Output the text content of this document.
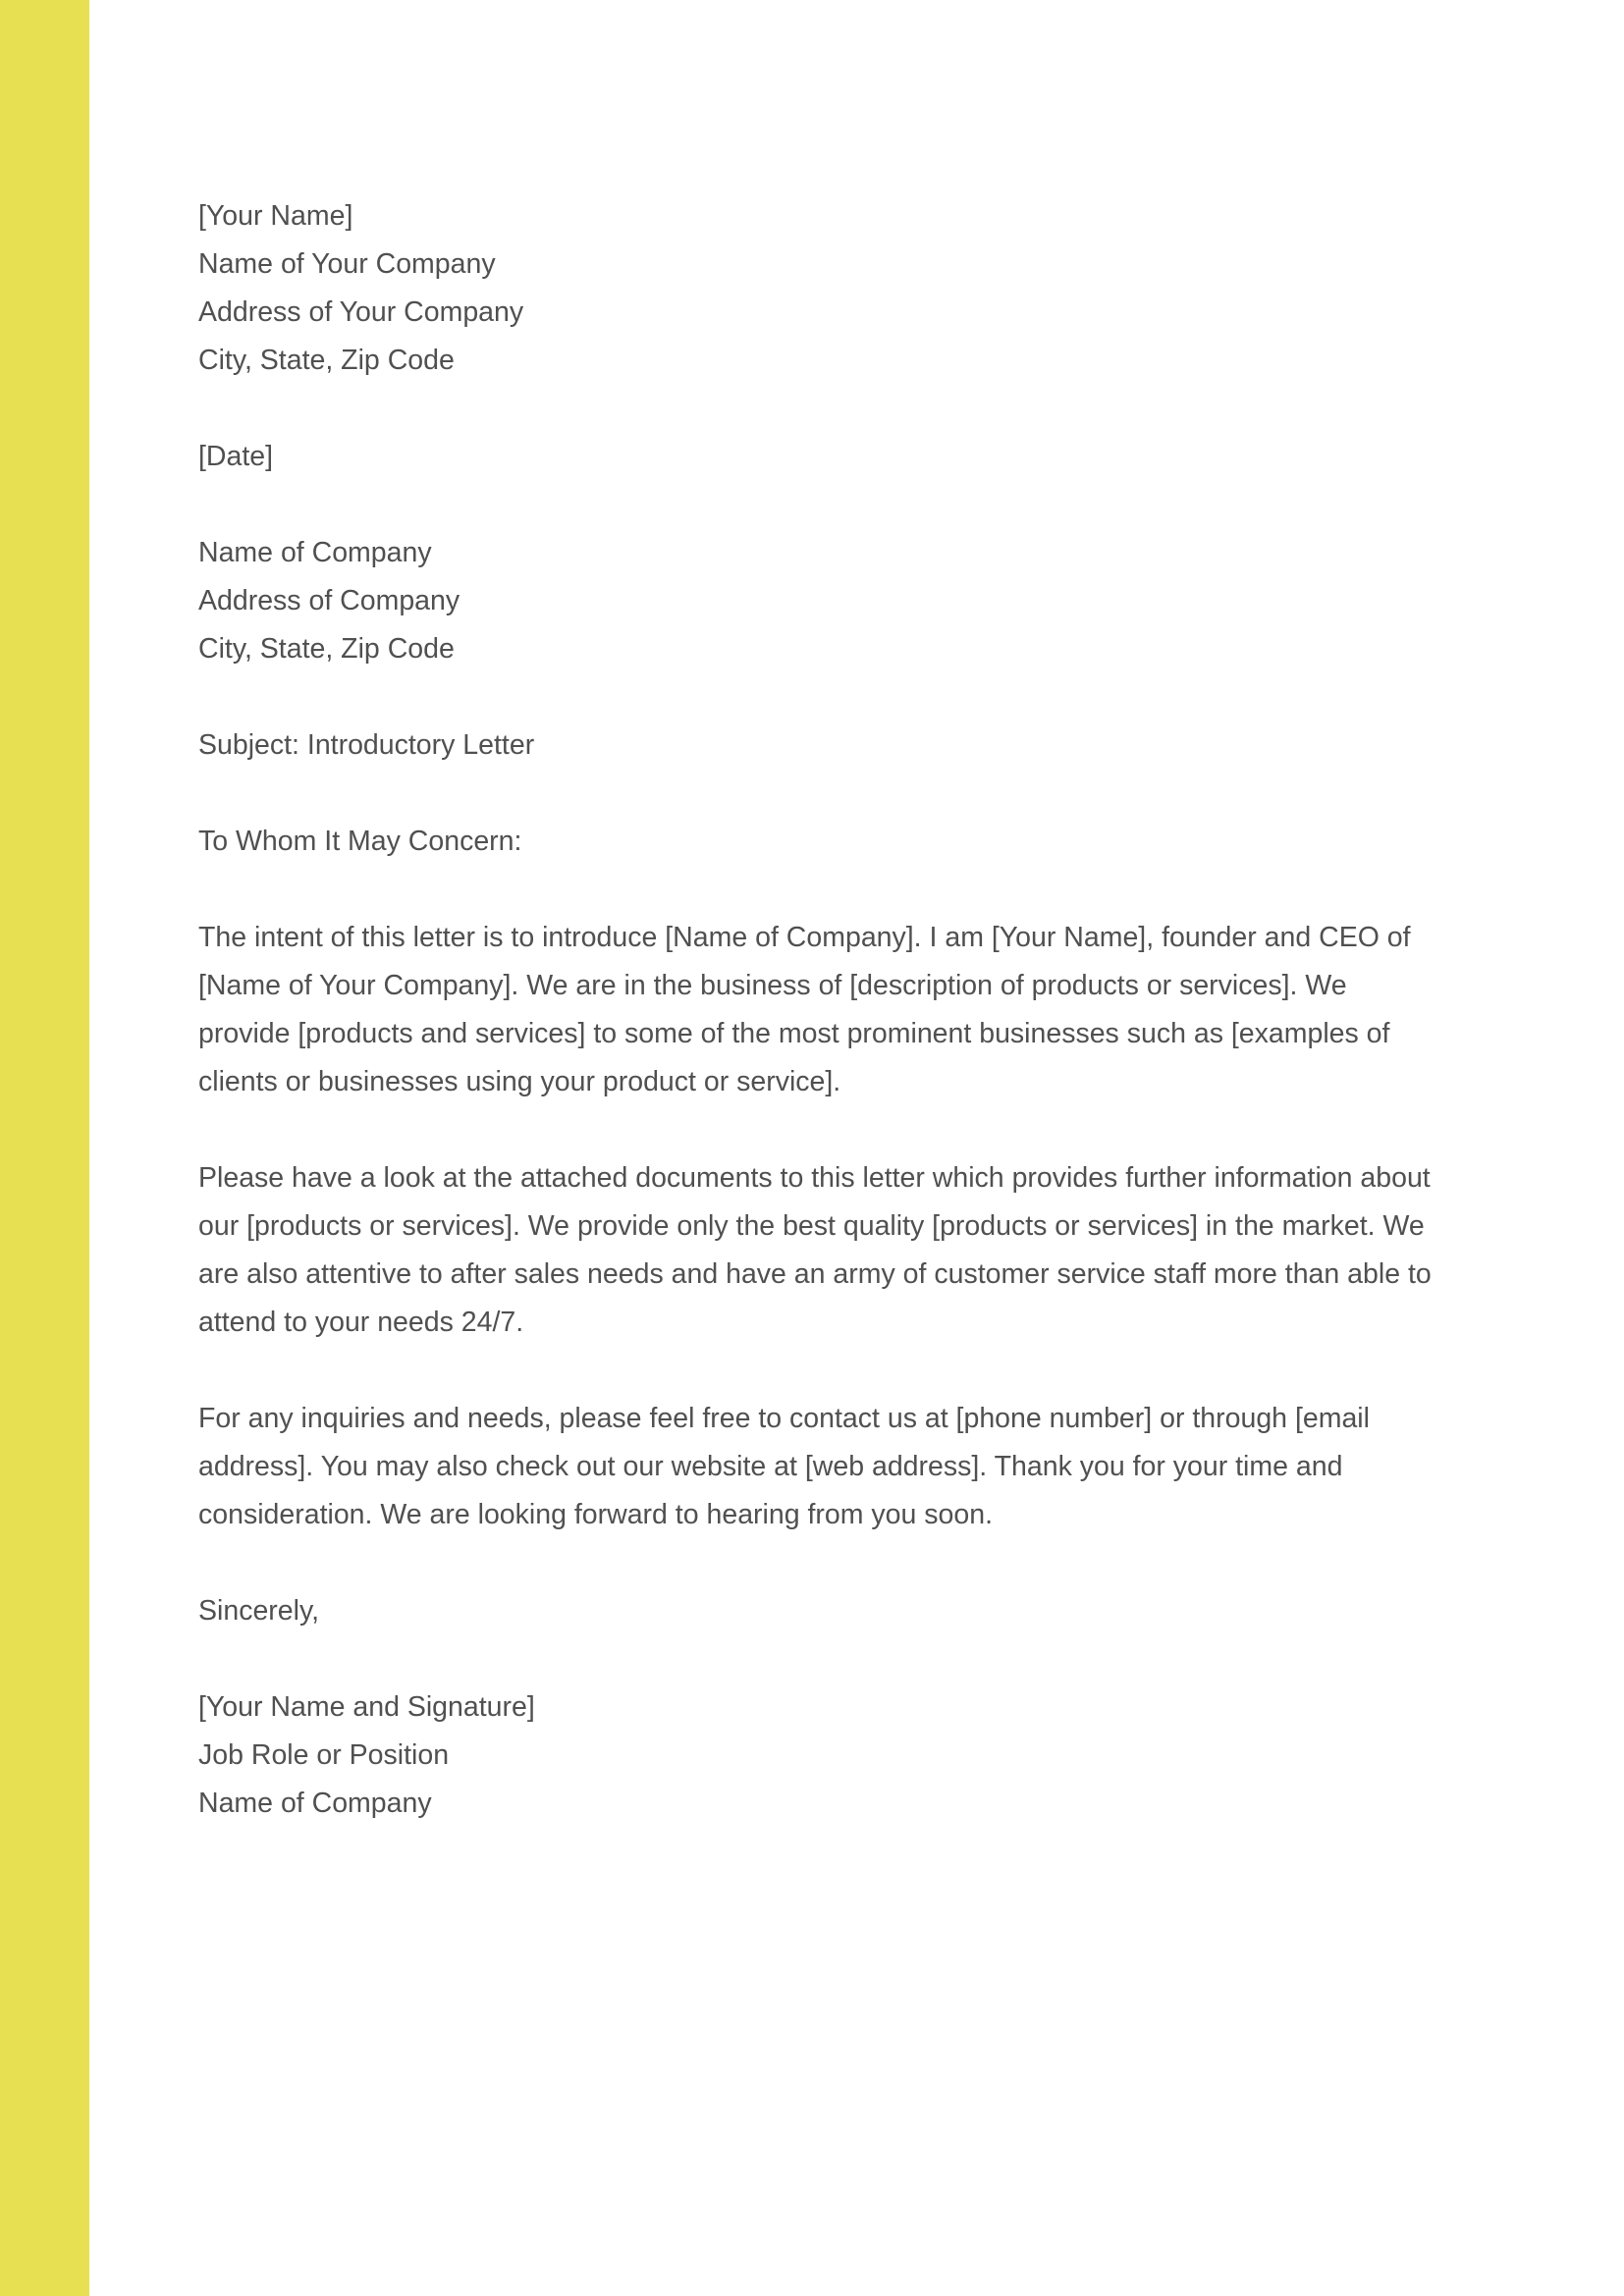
[Your Name]

Name of Your Company

Address of Your Company

City, State, Zip Code

[Date]

Name of Company

Address of Company

City, State, Zip Code

Subject: Introductory Letter

To Whom It May Concern:

The intent of this letter is to introduce [Name of Company]. I am [Your Name], founder and CEO of

[Name of Your Company]. We are in the business of [description of products or services]. We

provide [products and services] to some of the most prominent businesses such as [examples of

clients or businesses using your product or service].

Please have a look at the attached documents to this letter which provides further information about

our [products or services]. We provide only the best quality [products or services] in the market. We

are also attentive to after sales needs and have an army of customer service staff more than able to

attend to your needs 24/7.

For any inquiries and needs, please feel free to contact us at [phone number] or through [email

address]. You may also check out our website at [web address]. Thank you for your time and

consideration. We are looking forward to hearing from you soon.

Sincerely,

[Your Name and Signature]

Job Role or Position

Name of Company
